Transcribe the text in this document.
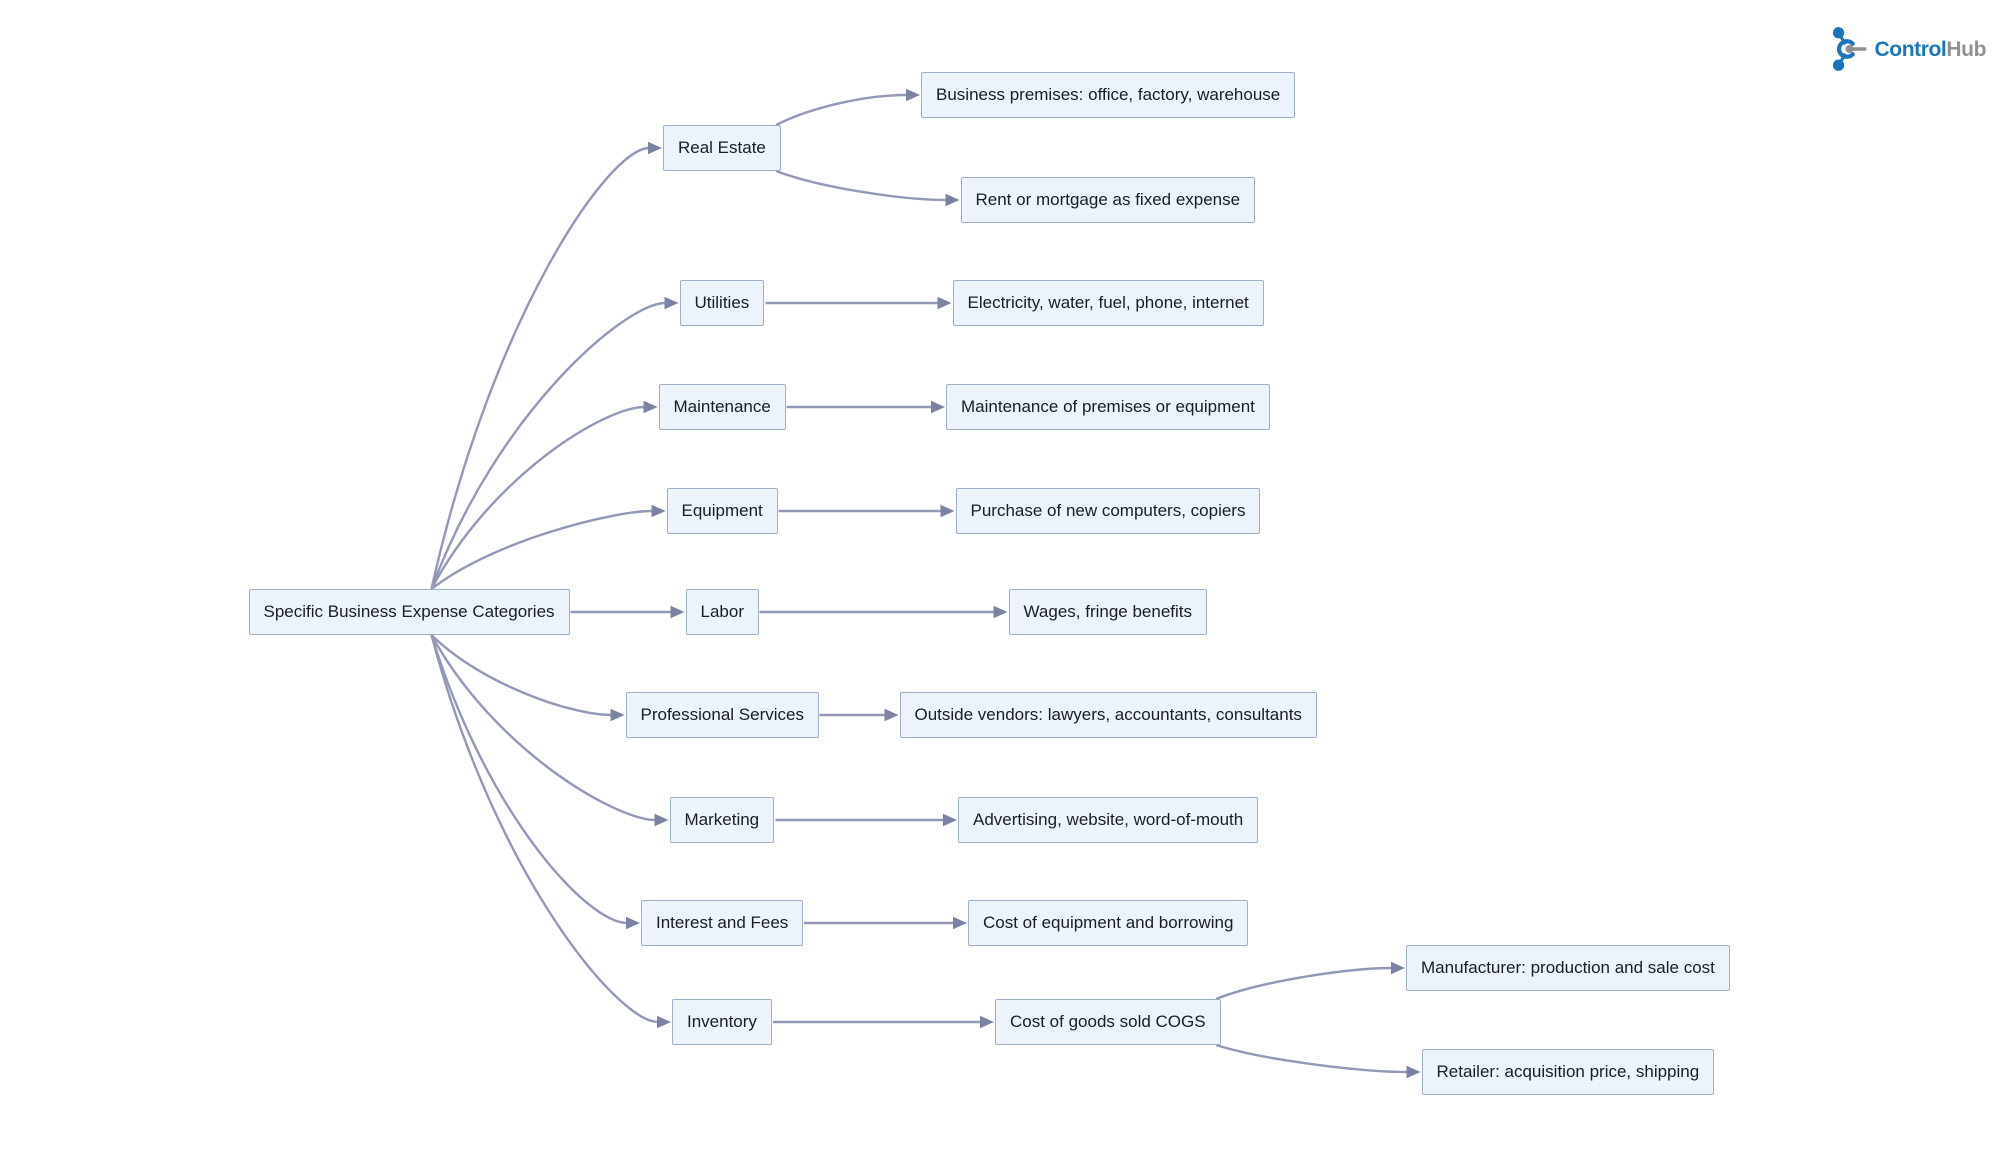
Specific Business Expense Categories
Real Estate
Business premises: office, factory, warehouse
Rent or mortgage as fixed expense
Utilities	Electricity, water, fuel, phone, internet
Maintenance	Maintenance of premises or equipment
Equipment	Purchase of new computers, copiers
Labor	Wages, fringe benefits
Professional Services	Outside vendors: lawyers, accountants, consultants
Marketing	Advertising, website, word-of-mouth
Interest and Fees	Cost of equipment and borrowing
Inventory	Cost of goods sold COGS
Manufacturer: production and sale cost
Retailer: acquisition price, shipping
ControlHub
